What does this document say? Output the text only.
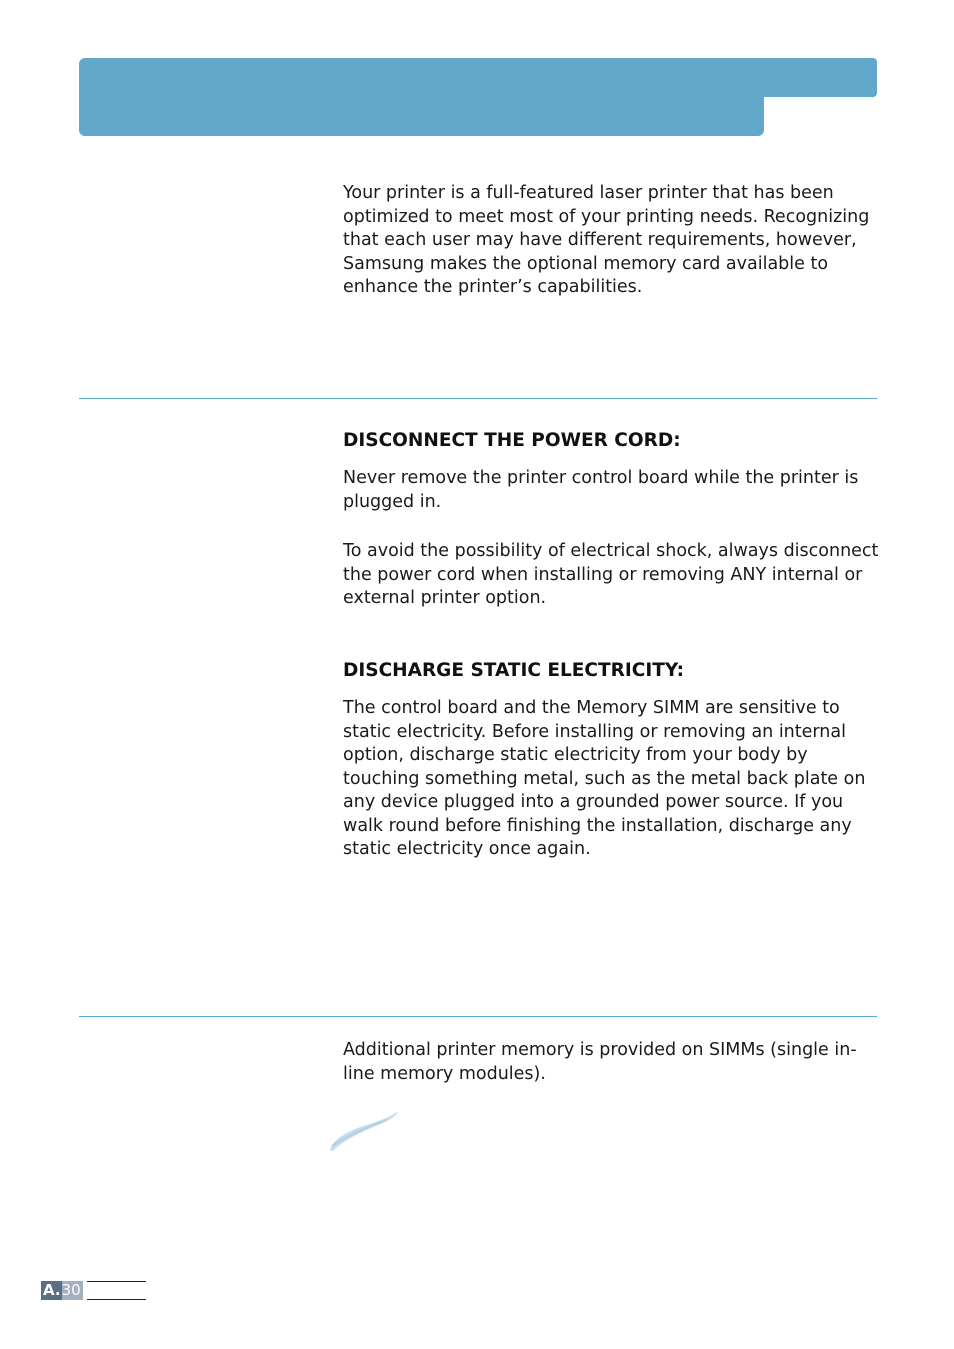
Your printer is a full-featured laser printer that has been optimized to meet most of your printing needs. Recognizing that each user may have different requirements, however, Samsung makes the optional memory card available to enhance the printer’s capabilities.

DISCONNECT THE POWER CORD:

Never remove the printer control board while the printer is plugged in.

To avoid the possibility of electrical shock, always disconnect the power cord when installing or removing ANY internal or external printer option.

DISCHARGE STATIC ELECTRICITY:

The control board and the Memory SIMM are sensitive to static electricity. Before installing or removing an internal option, discharge static electricity from your body by touching something metal, such as the metal back plate on any device plugged into a grounded power source. If you walk round before finishing the installation, discharge any static electricity once again.

Additional printer memory is provided on SIMMs (single in-line memory modules).

A. 30
